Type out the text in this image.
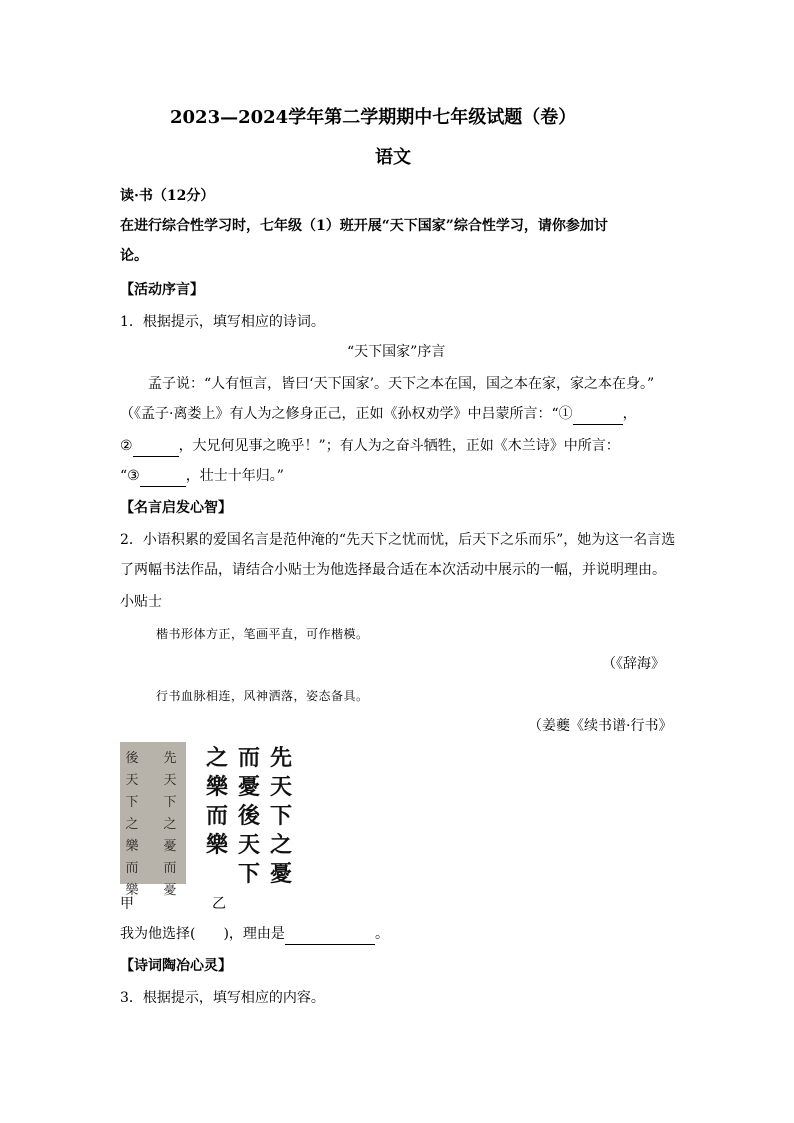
2023—2024学年第二学期期中七年级试题（卷）
语文
读·书（12分）
在进行综合性学习时，七年级（1）班开展“天下国家”综合性学习，请你参加讨
论。
【活动序言】
1．根据提示，填写相应的诗词。
“天下国家”序言
孟子说：“人有恒言，皆曰‘天下国家’。天下之本在国，国之本在家，家之本在身。”
（《孟子·离娄上》有人为之修身正己，正如《孙权劝学》中吕蒙所言：“①	，
②	，大兄何见事之晚乎！”；有人为之奋斗牺牲，正如《木兰诗》中所言：
“③	，壮士十年归。”
【名言启发心智】
2．小语积累的爱国名言是范仲淹的“先天下之忧而忧，后天下之乐而乐”，她为这一名言选
了两幅书法作品，请结合小贴士为他选择最合适在本次活动中展示的一幅，并说明理由。
小贴士
楷书形体方正，笔画平直，可作楷模。
（《辞海》
行书血脉相连，风神洒落，姿态备具。
（姜夔《续书谱·行书》
先天下之憂而憂
後天下之樂而樂
先天下之憂
而憂後天下
之樂而樂
甲	乙
我为他选择( )，理由是	。
【诗词陶冶心灵】
3．根据提示，填写相应的内容。
